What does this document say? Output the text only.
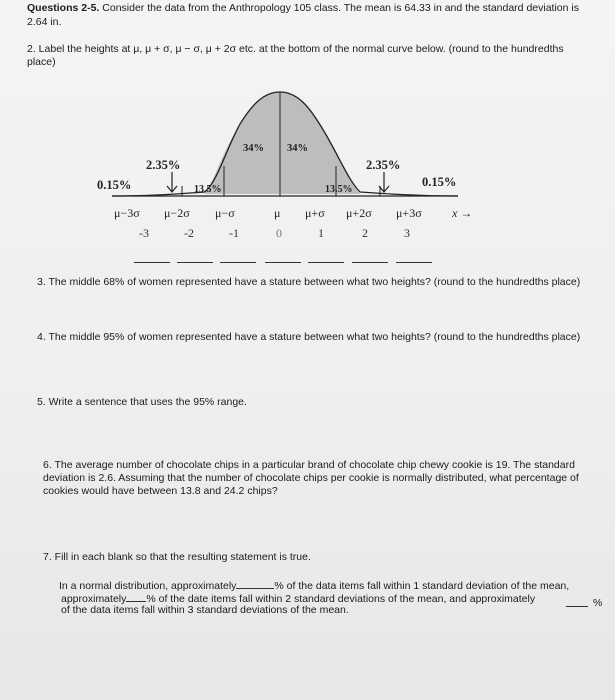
Questions 2-5. Consider the data from the Anthropology 105 class. The mean is 64.33 in and the standard deviation is
2.64 in.
2. Label the heights at μ, μ + σ, μ − σ, μ + 2σ etc. at the bottom of the normal curve below. (round to the hundredths
place)
34% 34%
2.35%	2.35%
13.5%	13.5%
0.15%	0.15%
μ−3σ μ−2σ μ−σ	μ μ+σ μ+2σ μ+3σ	x →
-3	-2	-1	0	1	2	3
3. The middle 68% of women represented have a stature between what two heights? (round to the hundredths place)
4. The middle 95% of women represented have a stature between what two heights? (round to the hundredths place)
5. Write a sentence that uses the 95% range.
6. The average number of chocolate chips in a particular brand of chocolate chip chewy cookie is 19. The standard
deviation is 2.6. Assuming that the number of chocolate chips per cookie is normally distributed, what percentage of
cookies would have between 13.8 and 24.2 chips?
7. Fill in each blank so that the resulting statement is true.
In a normal distribution, approximately	% of the data items fall within 1 standard deviation of the mean,
approximately % of the date items fall within 2 standard deviations of the mean, and approximately	%
of the data items fall within 3 standard deviations of the mean.
